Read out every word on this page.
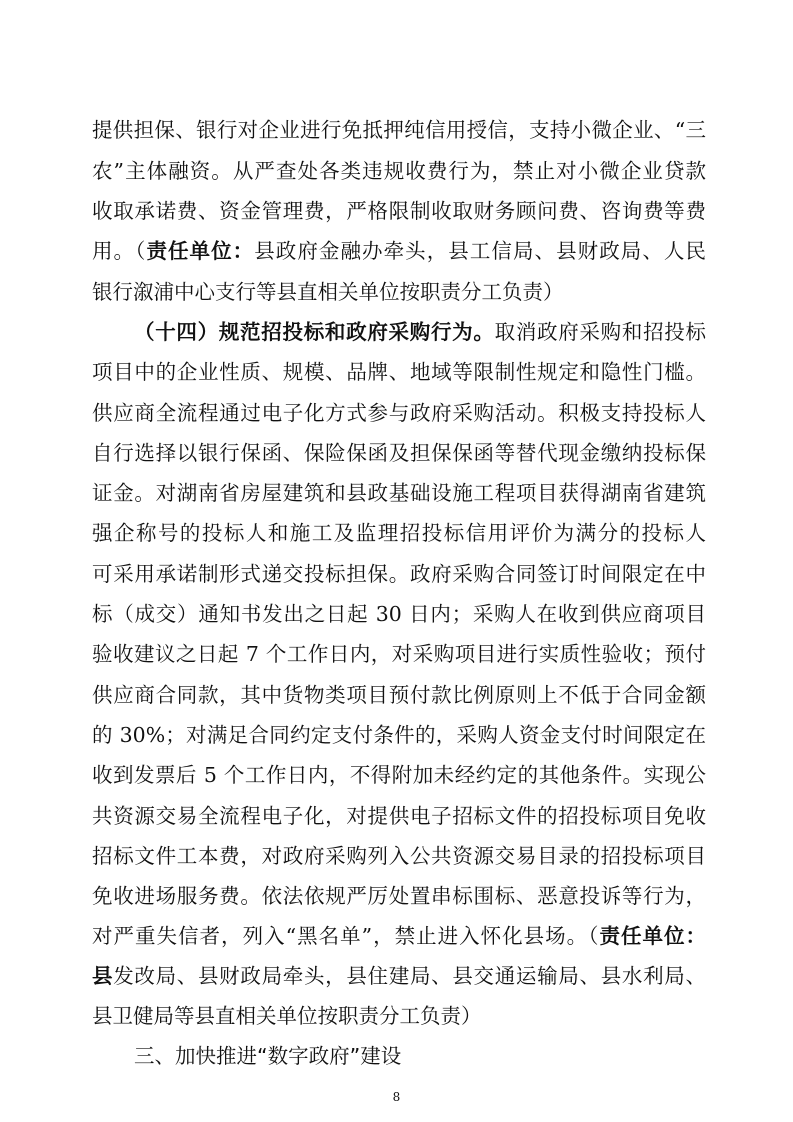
提供担保、银行对企业进行免抵押纯信用授信，支持小微企业、“三
农”主体融资。从严查处各类违规收费行为，禁止对小微企业贷款
收取承诺费、资金管理费，严格限制收取财务顾问费、咨询费等费
用。（责任单位：县政府金融办牵头，县工信局、县财政局、人民
银行溆浦中心支行等县直相关单位按职责分工负责）
（十四）规范招投标和政府采购行为。取消政府采购和招投标
项目中的企业性质、规模、品牌、地域等限制性规定和隐性门槛。
供应商全流程通过电子化方式参与政府采购活动。积极支持投标人
自行选择以银行保函、保险保函及担保保函等替代现金缴纳投标保
证金。对湖南省房屋建筑和县政基础设施工程项目获得湖南省建筑
强企称号的投标人和施工及监理招投标信用评价为满分的投标人
可采用承诺制形式递交投标担保。政府采购合同签订时间限定在中
标（成交）通知书发出之日起 30 日内；采购人在收到供应商项目
验收建议之日起 7 个工作日内，对采购项目进行实质性验收；预付
供应商合同款，其中货物类项目预付款比例原则上不低于合同金额
的 30%；对满足合同约定支付条件的，采购人资金支付时间限定在
收到发票后 5 个工作日内，不得附加未经约定的其他条件。实现公
共资源交易全流程电子化，对提供电子招标文件的招投标项目免收
招标文件工本费，对政府采购列入公共资源交易目录的招投标项目
免收进场服务费。依法依规严厉处置串标围标、恶意投诉等行为，
对严重失信者，列入“黑名单”，禁止进入怀化县场。（责任单位：
县发改局、县财政局牵头，县住建局、县交通运输局、县水利局、
县卫健局等县直相关单位按职责分工负责）
三、加快推进“数字政府”建设
8
